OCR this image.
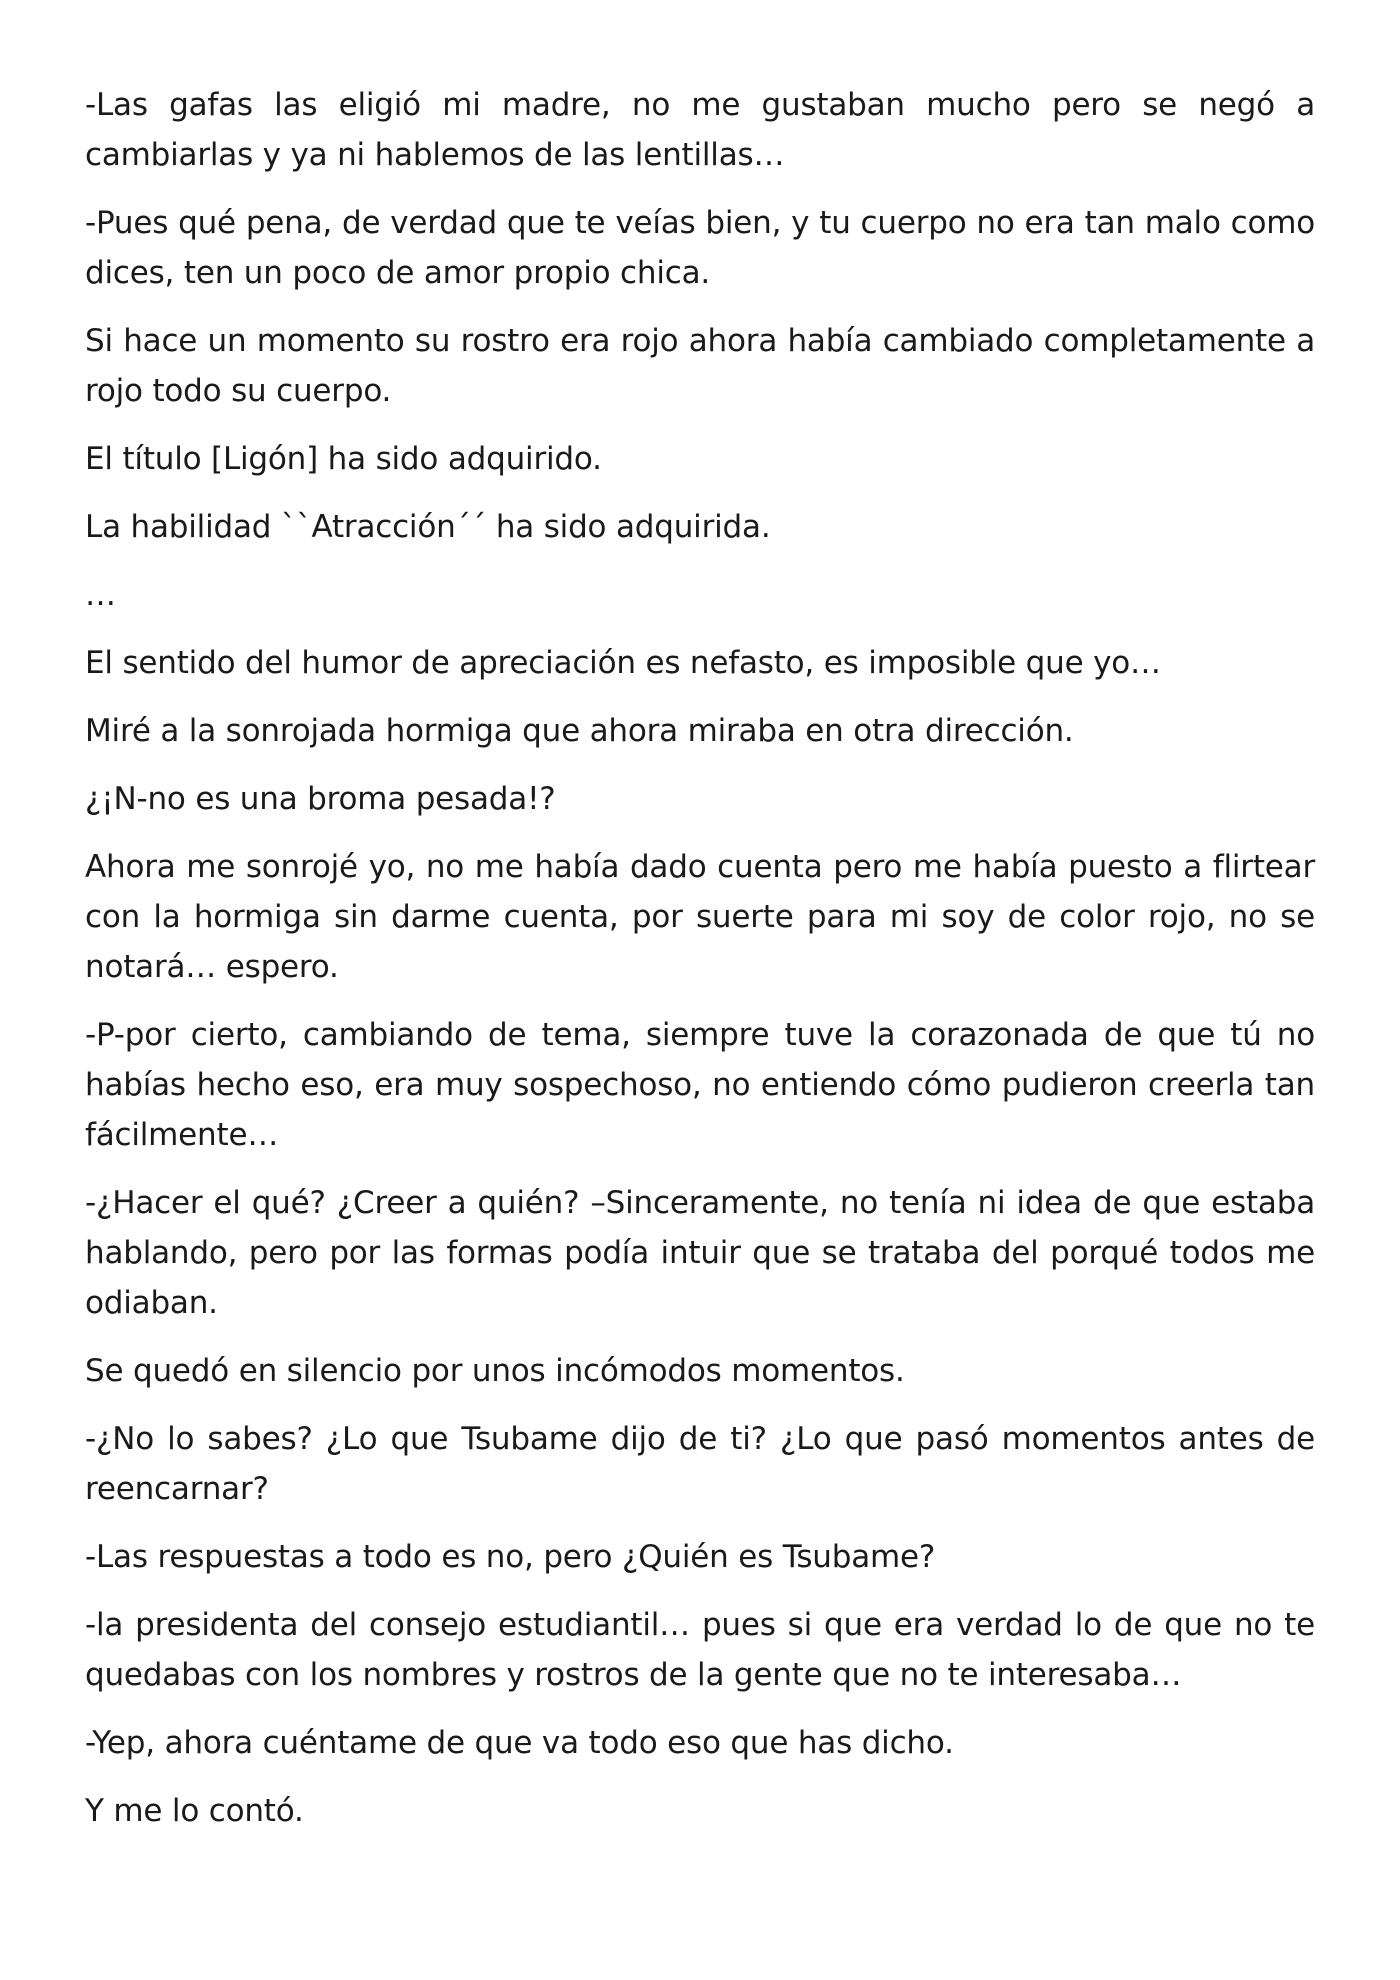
-Las gafas las eligió mi madre, no me gustaban mucho pero se negó a cambiarlas y ya ni hablemos de las lentillas…

-Pues qué pena, de verdad que te veías bien, y tu cuerpo no era tan malo como dices, ten un poco de amor propio chica.

Si hace un momento su rostro era rojo ahora había cambiado completamente a rojo todo su cuerpo.

El título [Ligón] ha sido adquirido.

La habilidad ``Atracción´´ ha sido adquirida.

…

El sentido del humor de apreciación es nefasto, es imposible que yo…

Miré a la sonrojada hormiga que ahora miraba en otra dirección.

¿¡N-no es una broma pesada!?

Ahora me sonrojé yo, no me había dado cuenta pero me había puesto a flirtear con la hormiga sin darme cuenta, por suerte para mi soy de color rojo, no se notará… espero.

-P-por cierto, cambiando de tema, siempre tuve la corazonada de que tú no habías hecho eso, era muy sospechoso, no entiendo cómo pudieron creerla tan fácilmente…

-¿Hacer el qué? ¿Creer a quién? –Sinceramente, no tenía ni idea de que estaba hablando, pero por las formas podía intuir que se trataba del porqué todos me odiaban.

Se quedó en silencio por unos incómodos momentos.

-¿No lo sabes? ¿Lo que Tsubame dijo de ti? ¿Lo que pasó momentos antes de reencarnar?

-Las respuestas a todo es no, pero ¿Quién es Tsubame?

-la presidenta del consejo estudiantil… pues si que era verdad lo de que no te quedabas con los nombres y rostros de la gente que no te interesaba…

-Yep, ahora cuéntame de que va todo eso que has dicho.

Y me lo contó.
